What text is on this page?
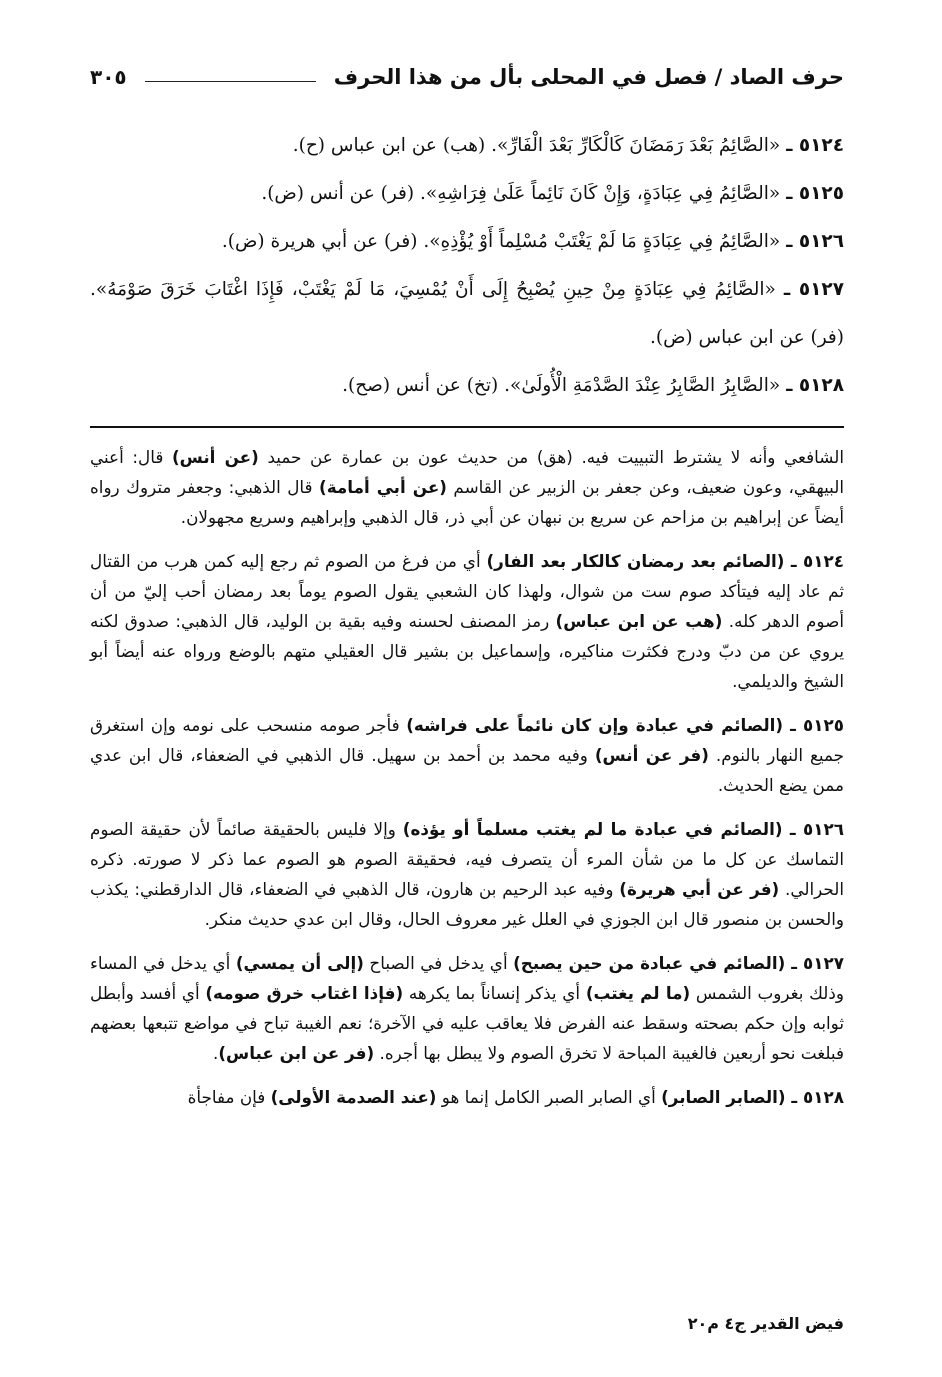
حرف الصاد / فصل في المحلى بأل من هذا الحرف
٣٠٥
٥١٢٤ ـ «الصَّائِمُ بَعْدَ رَمَضَانَ كَالْكَارِّ بَعْدَ الْفَارِّ». (هب) عن ابن عباس (ح).
٥١٢٥ ـ «الصَّائِمُ فِي عِبَادَةٍ، وَإِنْ كَانَ نَائِماً عَلَىٰ فِرَاشِهِ». (فر) عن أنس (ض).
٥١٢٦ ـ «الصَّائِمُ فِي عِبَادَةٍ مَا لَمْ يَغْتَبْ مُسْلِماً أَوْ يُؤْذِهِ». (فر) عن أبي هريرة (ض).
٥١٢٧ ـ «الصَّائِمُ فِي عِبَادَةٍ مِنْ حِينِ يُصْبِحُ إِلَى أَنْ يُمْسِيَ، مَا لَمْ يَغْتَبْ، فَإِذَا اغْتَابَ خَرَقَ صَوْمَهُ». (فر) عن ابن عباس (ض).
٥١٢٨ ـ «الصَّابِرُ الصَّابِرُ عِنْدَ الصَّدْمَةِ الْأُولَىٰ». (تخ) عن أنس (صح).

الشافعي وأنه لا يشترط التبييت فيه. (هق) من حديث عون بن عمارة عن حميد (عن أنس) قال: أعني البيهقي، وعون ضعيف، وعن جعفر بن الزبير عن القاسم (عن أبي أمامة) قال الذهبي: وجعفر متروك رواه أيضاً عن إبراهيم بن مزاحم عن سريع بن نبهان عن أبي ذر، قال الذهبي وإبراهيم وسريع مجهولان.

٥١٢٤ ـ (الصائم بعد رمضان كالكار بعد الفار) أي من فرغ من الصوم ثم رجع إليه كمن هرب من القتال ثم عاد إليه فيتأكد صوم ست من شوال، ولهذا كان الشعبي يقول الصوم يوماً بعد رمضان أحب إليّ من أن أصوم الدهر كله. (هب عن ابن عباس) رمز المصنف لحسنه وفيه بقية بن الوليد، قال الذهبي: صدوق لكنه يروي عن من دبّ ودرج فكثرت مناكيره، وإسماعيل بن بشير قال العقيلي متهم بالوضع ورواه عنه أيضاً أبو الشيخ والديلمي.

٥١٢٥ ـ (الصائم في عبادة وإن كان نائماً على فراشه) فأجر صومه منسحب على نومه وإن استغرق جميع النهار بالنوم. (فر عن أنس) وفيه محمد بن أحمد بن سهيل. قال الذهبي في الضعفاء، قال ابن عدي ممن يضع الحديث.

٥١٢٦ ـ (الصائم في عبادة ما لم يغتب مسلماً أو يؤذه) وإلا فليس بالحقيقة صائماً لأن حقيقة الصوم التماسك عن كل ما من شأن المرء أن يتصرف فيه، فحقيقة الصوم هو الصوم عما ذكر لا صورته. ذكره الحرالي. (فر عن أبي هريرة) وفيه عبد الرحيم بن هارون، قال الذهبي في الضعفاء، قال الدارقطني: يكذب والحسن بن منصور قال ابن الجوزي في العلل غير معروف الحال، وقال ابن عدي حديث منكر.

٥١٢٧ ـ (الصائم في عبادة من حين يصبح) أي يدخل في الصباح (إلى أن يمسي) أي يدخل في المساء وذلك بغروب الشمس (ما لم يغتب) أي يذكر إنساناً بما يكرهه (فإذا اغتاب خرق صومه) أي أفسد وأبطل ثوابه وإن حكم بصحته وسقط عنه الفرض فلا يعاقب عليه في الآخرة؛ نعم الغيبة تباح في مواضع تتبعها بعضهم فبلغت نحو أربعين فالغيبة المباحة لا تخرق الصوم ولا يبطل بها أجره. (فر عن ابن عباس).

٥١٢٨ ـ (الصابر الصابر) أي الصابر الصبر الكامل إنما هو (عند الصدمة الأولى) فإن مفاجأة

فيض القدير ج٤ م٢٠
